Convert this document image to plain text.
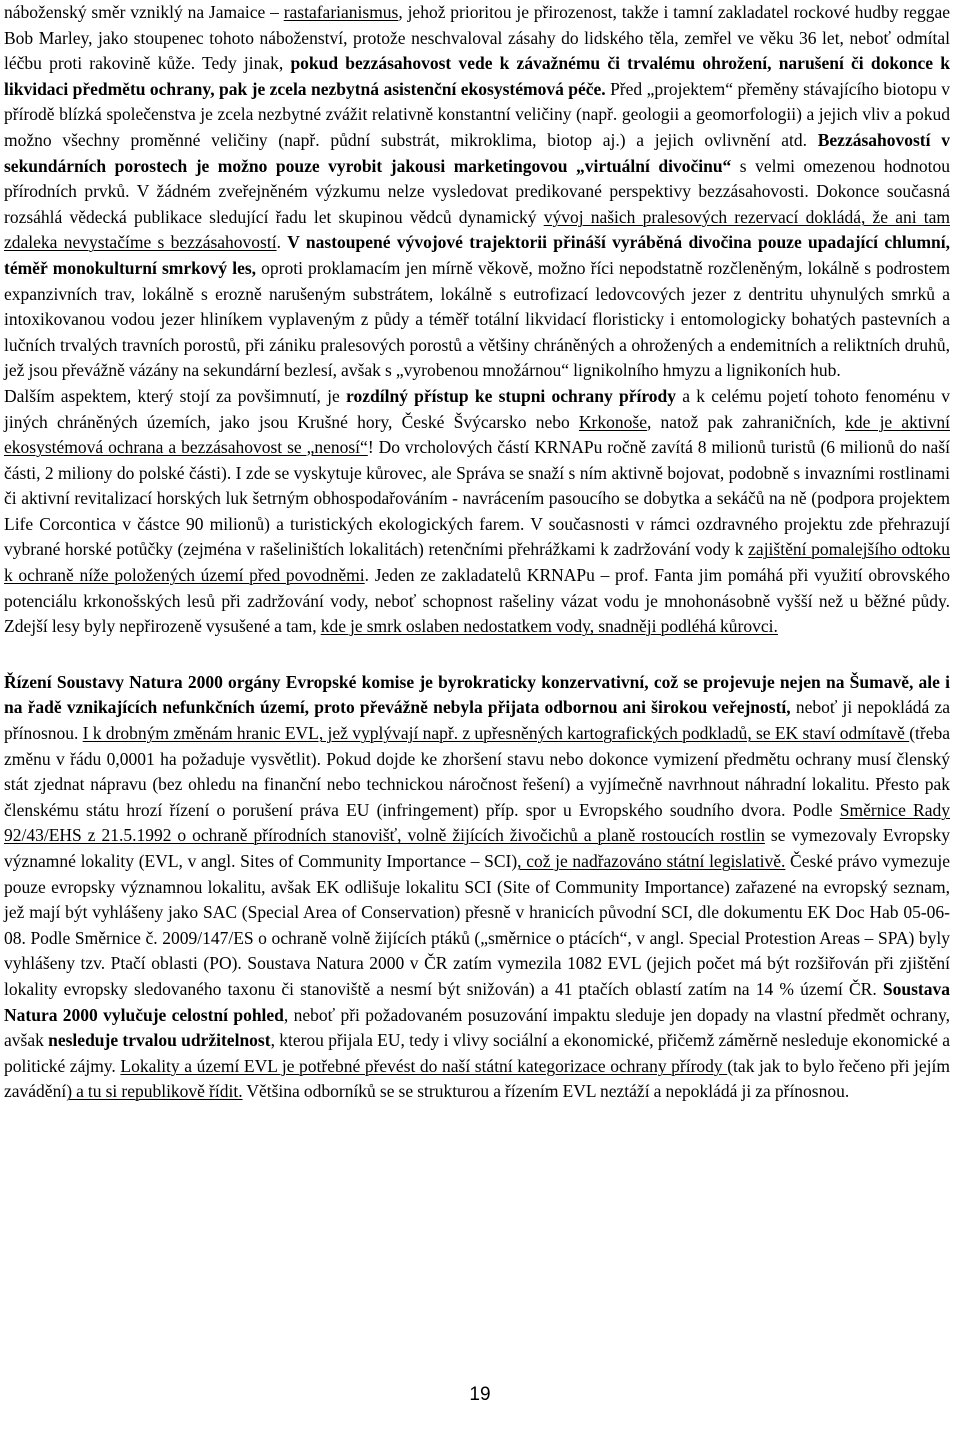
náboženský směr vzniklý na Jamaice – rastafarianismus, jehož prioritou je přirozenost, takže i tamní zakladatel rockové hudby reggae Bob Marley, jako stoupenec tohoto náboženství, protože neschvaloval zásahy do lidského těla, zemřel ve věku 36 let, neboť odmítal léčbu proti rakovině kůže. Tedy jinak, pokud bezzásahovost vede k závažnému či trvalému ohrožení, narušení či dokonce k likvidaci předmětu ochrany, pak je zcela nezbytná asistenční ekosystémová péče. Před „projektem“ přeměny stávajícího biotopu v přírodě blízká společenstva je zcela nezbytné zvážit relativně konstantní veličiny (např. geologii a geomorfologii) a jejich vliv a pokud možno všechny proměnné veličiny (např. půdní substrát, mikroklima, biotop aj.) a jejich ovlivnění atd. Bezzásahovostí v sekundárních porostech je možno pouze vyrobit jakousi marketingovou „virtuální divočinu“ s velmi omezenou hodnotou přírodních prvků. V žádném zveřejněném výzkumu nelze vysledovat predikované perspektivy bezzásahovosti. Dokonce současná rozsáhlá vědecká publikace sledující řadu let skupinou vědců dynamický vývoj našich pralesových rezervací dokládá, že ani tam zdaleka nevystačíme s bezzásahovostí. V nastoupené vývojové trajektorii přináší vyráběná divočina pouze upadající chlumní, téměř monokulturní smrkový les, oproti proklamacím jen mírně věkově, možno říci nepodstatně rozčleněným, lokálně s podrostem expanzivních trav, lokálně s erozně narušeným substrátem, lokálně s eutrofizací ledovcových jezer z dentritu uhynulých smrků a intoxikovanou vodou jezer hliníkem vyplaveným z půdy a téměř totální likvidací floristicky i entomologicky bohatých pastevních a lučních trvalých travních porostů, při zániku pralesových porostů a většiny chráněných a ohrožených a endemitních a reliktních druhů, jež jsou převážně vázány na sekundární bezlesí, avšak s „vyrobenou množárnou“ lignikolního hmyzu a lignikoních hub.

Dalším aspektem, který stojí za povšimnutí, je rozdílný přístup ke stupni ochrany přírody a k celému pojetí tohoto fenoménu v jiných chráněných územích, jako jsou Krušné hory, České Švýcarsko nebo Krkonoše, natož pak zahraničních, kde je aktivní ekosystémová ochrana a bezzásahovost se „nenosí“! Do vrcholových částí KRNAPu ročně zavítá 8 milionů turistů (6 milionů do naší části, 2 miliony do polské části). I zde se vyskytuje kůrovec, ale Správa se snaží s ním aktivně bojovat, podobně s invazními rostlinami či aktivní revitalizací horských luk šetrným obhospodařováním - navrácením pasoucího se dobytka a sekáčů na ně (podpora projektem Life Corcontica v částce 90 milionů) a turistických ekologických farem. V současnosti v rámci ozdravného projektu zde přehrazují vybrané horské potůčky (zejména v rašeliništích lokalitách) retenčními přehrážkami k zadržování vody k zajištění pomalejšího odtoku k ochraně níže položených území před povodněmi. Jeden ze zakladatelů KRNAPu – prof. Fanta jim pomáhá při využití obrovského potenciálu krkonošských lesů při zadržování vody, neboť schopnost rašeliny vázat vodu je mnohonásobně vyšší než u běžné půdy. Zdejší lesy byly nepřirozeně vysušené a tam, kde je smrk oslaben nedostatkem vody, snadněji podléhá kůrovci.

Řízení Soustavy Natura 2000 orgány Evropské komise je byrokraticky konzervativní, což se projevuje nejen na Šumavě, ale i na řadě vznikajících nefunkčních území, proto převážně nebyla přijata odbornou ani širokou veřejností, neboť ji nepokládá za přínosnou. I k drobným změnám hranic EVL, jež vyplývají např. z upřesněných kartografických podkladů, se EK staví odmítavě (třeba změnu v řádu 0,0001 ha požaduje vysvětlit). Pokud dojde ke zhoršení stavu nebo dokonce vymizení předmětu ochrany musí členský stát zjednat nápravu (bez ohledu na finanční nebo technickou náročnost řešení) a vyjímečně navrhnout náhradní lokalitu. Přesto pak členskému státu hrozí řízení o porušení práva EU (infringement) příp. spor u Evropského soudního dvora. Podle Směrnice Rady 92/43/EHS z 21.5.1992 o ochraně přírodních stanovišť, volně žijících živočichů a planě rostoucích rostlin se vymezovaly Evropsky významné lokality (EVL, v angl. Sites of Community Importance – SCI), což je nadřazováno státní legislativě. České právo vymezuje pouze evropsky významnou lokalitu, avšak EK odlišuje lokalitu SCI (Site of Community Importance) zařazené na evropský seznam, jež mají být vyhlášeny jako SAC (Special Area of Conservation) přesně v hranicích původní SCI, dle dokumentu EK Doc Hab 05-06-08. Podle Směrnice č. 2009/147/ES o ochraně volně žijících ptáků („směrnice o ptácích“, v angl. Special Protestion Areas – SPA) byly vyhlášeny tzv. Ptačí oblasti (PO). Soustava Natura 2000 v ČR zatím vymezila 1082 EVL (jejich počet má být rozšiřován při zjištění lokality evropsky sledovaného taxonu či stanoviště a nesmí být snižován) a 41 ptačích oblastí zatím na 14 % území ČR. Soustava Natura 2000 vylučuje celostní pohled, neboť při požadovaném posuzování impaktu sleduje jen dopady na vlastní předmět ochrany, avšak nesleduje trvalou udržitelnost, kterou přijala EU, tedy i vlivy sociální a ekonomické, přičemž záměrně nesleduje ekonomické a politické zájmy. Lokality a území EVL je potřebné převést do naší státní kategorizace ochrany přírody (tak jak to bylo řečeno při jejím zavádění) a tu si republikově řídit. Většina odborníků se se strukturou a řízením EVL neztáží a nepokládá ji za přínosnou.

19
